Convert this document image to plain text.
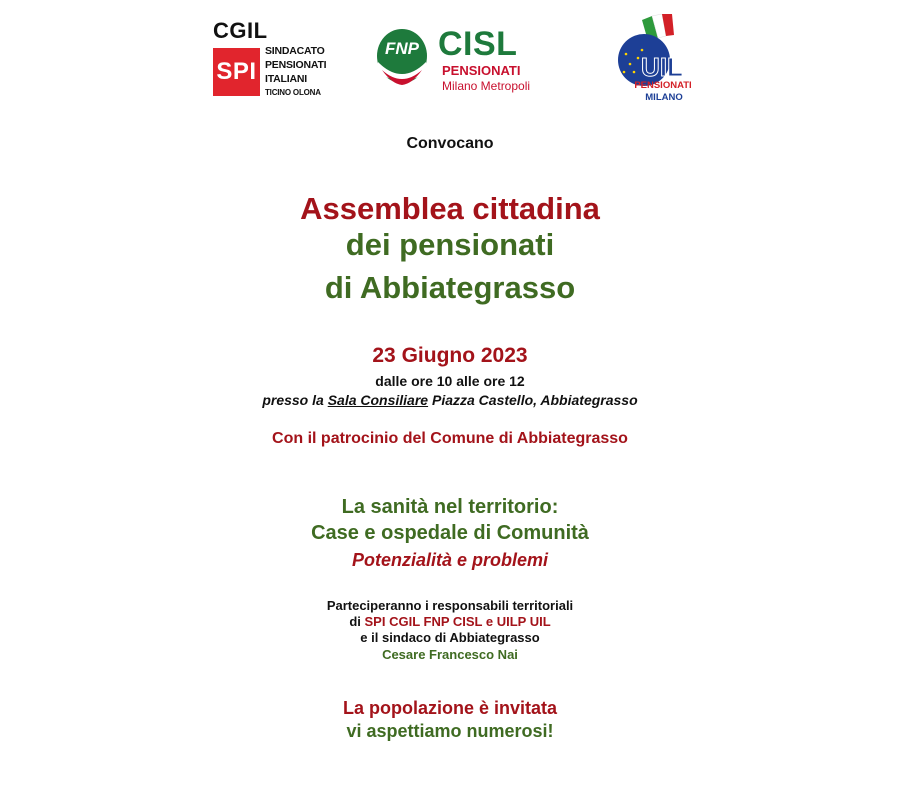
CGIL
SPI
SINDACATO
PENSIONATI
ITALIANI
TICINO OLONA
FNP CISL
PENSIONATI
Milano Metropoli
UIL
PENSIONATI
MILANO
Convocano
Assemblea cittadina
dei pensionati
di Abbiategrasso
23 Giugno 2023
dalle ore 10 alle ore 12
presso la Sala Consiliare Piazza Castello, Abbiategrasso
Con il patrocinio del Comune di Abbiategrasso
La sanità nel territorio:
Case e ospedale di Comunità
Potenzialità e problemi
Parteciperanno i responsabili territoriali
di SPI CGIL FNP CISL e UILP UIL
e il sindaco di Abbiategrasso
Cesare Francesco Nai
La popolazione è invitata
vi aspettiamo numerosi!
